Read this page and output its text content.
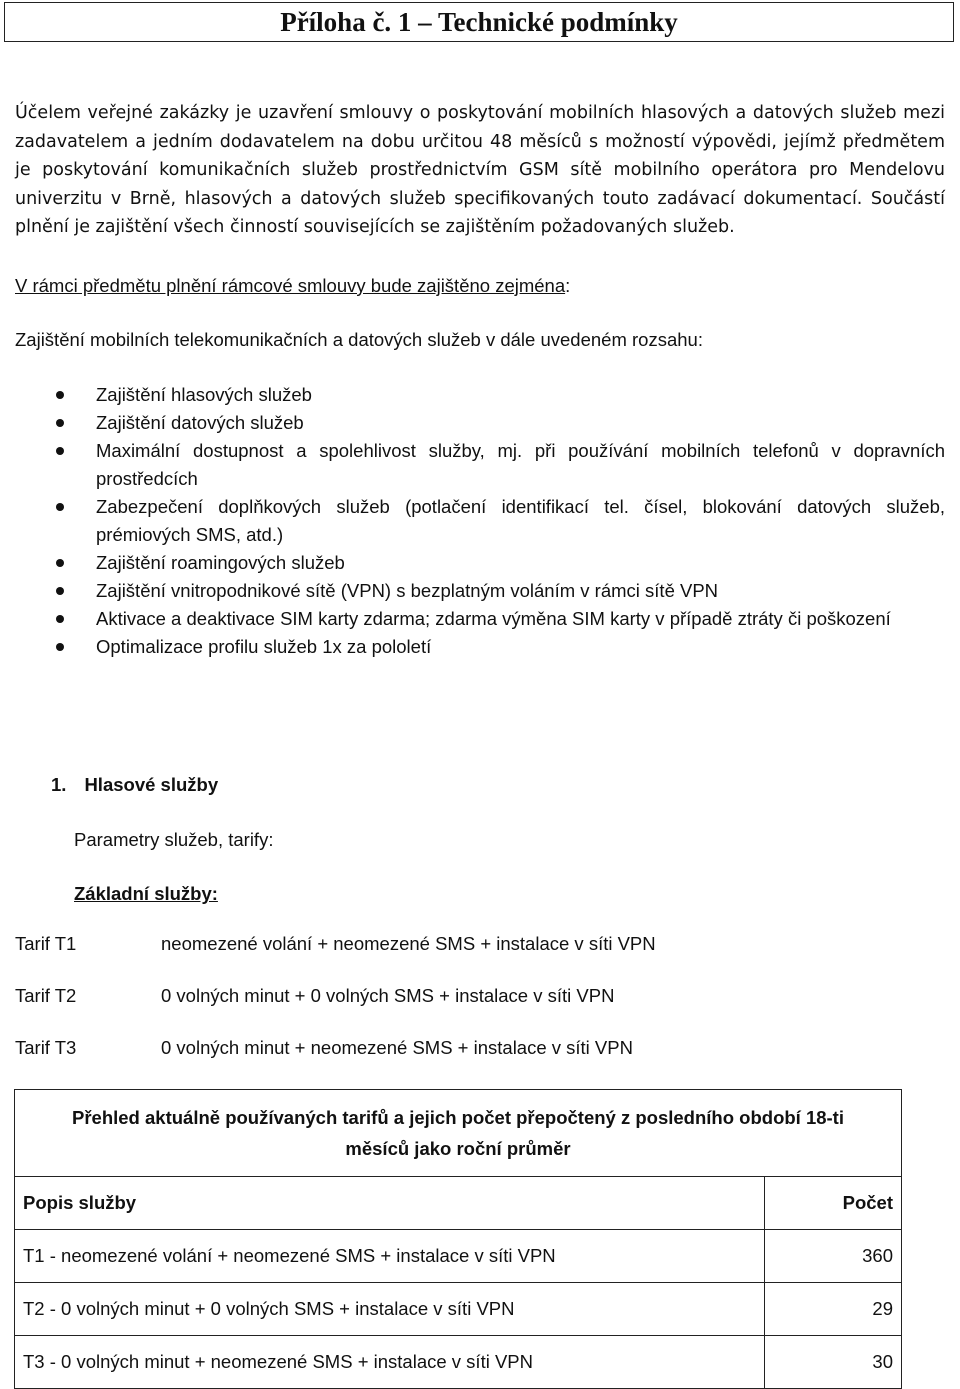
Příloha č. 1 – Technické podmínky

Účelem veřejné zakázky je uzavření smlouvy o poskytování mobilních hlasových a datových služeb mezi zadavatelem a jedním dodavatelem na dobu určitou 48 měsíců s možností výpovědi, jejímž předmětem je poskytování komunikačních služeb prostřednictvím GSM sítě mobilního operátora pro Mendelovu univerzitu v Brně, hlasových a datových služeb specifikovaných touto zadávací dokumentací. Součástí plnění je zajištění všech činností souvisejících se zajištěním požadovaných služeb.

V rámci předmětu plnění rámcové smlouvy bude zajištěno zejména:

Zajištění mobilních telekomunikačních a datových služeb v dále uvedeném rozsahu:

Zajištění hlasových služeb
Zajištění datových služeb
Maximální dostupnost a spolehlivost služby, mj. při používání mobilních telefonů v dopravních prostředcích
Zabezpečení doplňkových služeb (potlačení identifikací tel. čísel, blokování datových služeb, prémiových SMS, atd.)
Zajištění roamingových služeb
Zajištění vnitropodnikové sítě (VPN) s bezplatným voláním v rámci sítě VPN
Aktivace a deaktivace SIM karty zdarma; zdarma výměna SIM karty v případě ztráty či poškození
Optimalizace profilu služeb 1x za pololetí

1. Hlasové služby

Parametry služeb, tarify:

Základní služby:

Tarif T1	neomezené volání + neomezené SMS + instalace v síti VPN
Tarif T2	0 volných minut + 0 volných SMS + instalace v síti VPN
Tarif T3	0 volných minut + neomezené SMS + instalace v síti VPN
Přehled aktuálně používaných tarifů a jejich počet přepočtený z posledního období 18-ti
měsíců jako roční průměr	
Popis služby	Počet
T1 - neomezené volání + neomezené SMS + instalace v síti VPN	360
T2 - 0 volných minut + 0 volných SMS + instalace v síti VPN	29
T3 - 0 volných minut + neomezené SMS + instalace v síti VPN	30
